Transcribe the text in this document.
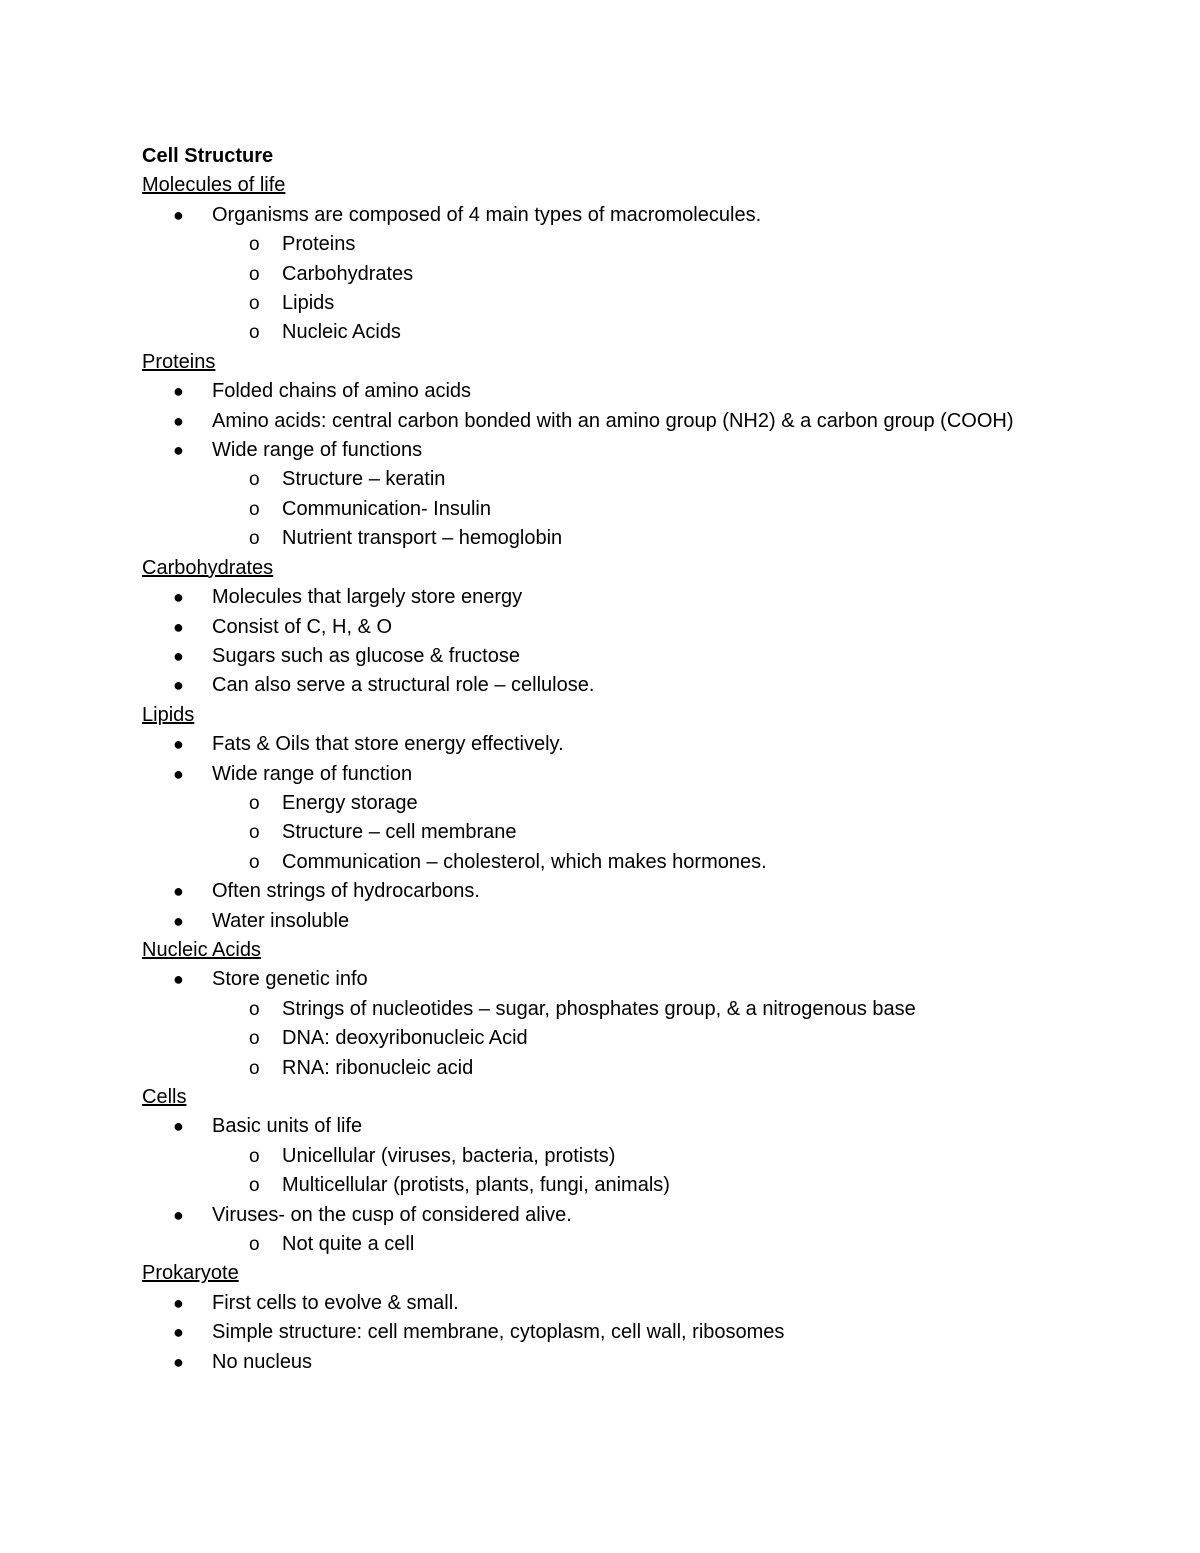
Cell Structure
Molecules of life
● Organisms are composed of 4 main types of macromolecules.
o Proteins
o Carbohydrates
o Lipids
o Nucleic Acids
Proteins
● Folded chains of amino acids
● Amino acids: central carbon bonded with an amino group (NH2) & a carbon group (COOH)
● Wide range of functions
o Structure – keratin
o Communication- Insulin
o Nutrient transport – hemoglobin
Carbohydrates
● Molecules that largely store energy
● Consist of C, H, & O
● Sugars such as glucose & fructose
● Can also serve a structural role – cellulose.
Lipids
● Fats & Oils that store energy effectively.
● Wide range of function
o Energy storage
o Structure – cell membrane
o Communication – cholesterol, which makes hormones.
● Often strings of hydrocarbons.
● Water insoluble
Nucleic Acids
● Store genetic info
o Strings of nucleotides – sugar, phosphates group, & a nitrogenous base
o DNA: deoxyribonucleic Acid
o RNA: ribonucleic acid
Cells
● Basic units of life
o Unicellular (viruses, bacteria, protists)
o Multicellular (protists, plants, fungi, animals)
● Viruses- on the cusp of considered alive.
o Not quite a cell
Prokaryote
● First cells to evolve & small.
● Simple structure: cell membrane, cytoplasm, cell wall, ribosomes
● No nucleus
